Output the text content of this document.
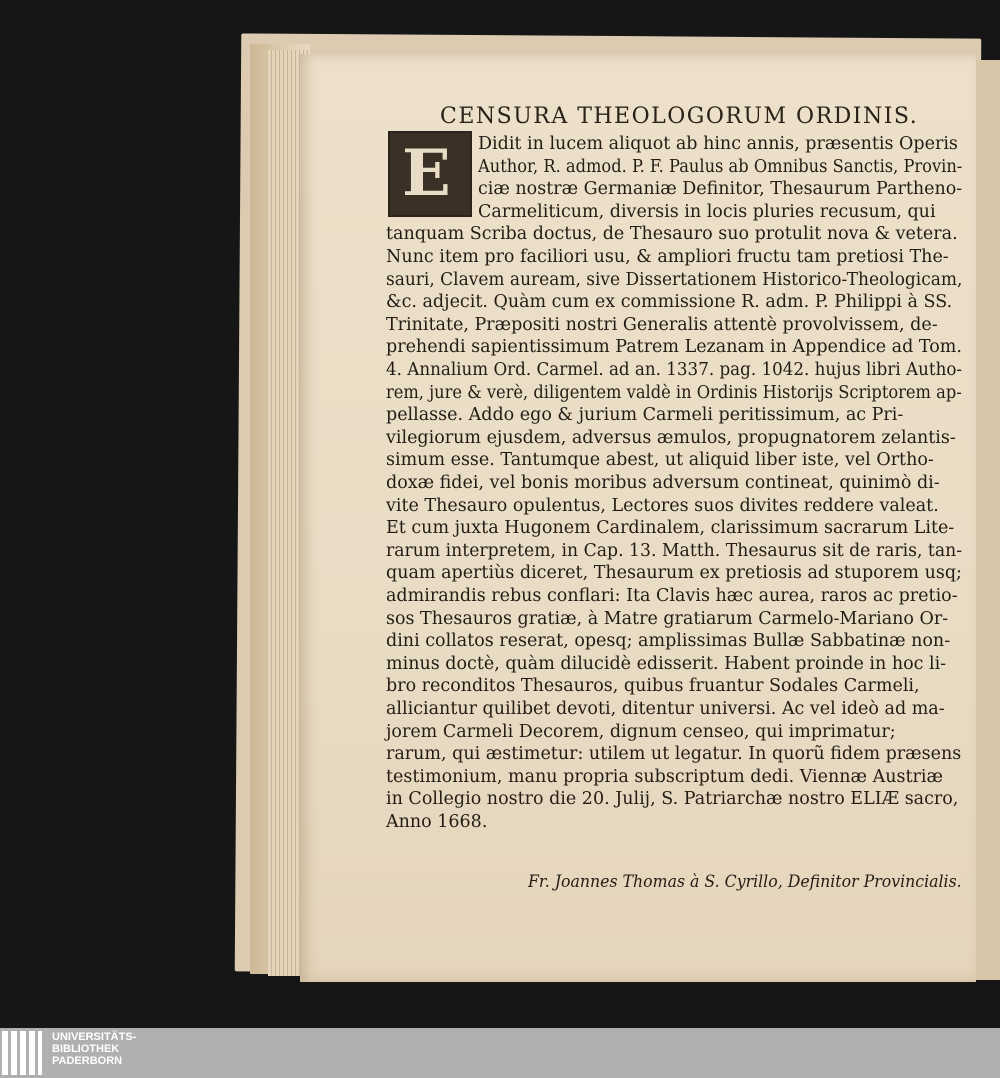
CENSURA THEOLOGORUM ORDINIS.
E Didit in lucem aliquot ab hinc annis, præsentis Operis
Author, R. admod. P. F. Paulus ab Omnibus Sanctis, Provin-
ciæ nostræ Germaniæ Definitor, Thesaurum Partheno-
Carmeliticum, diversis in locis pluries recusum, qui
tanquam Scriba doctus, de Thesauro suo protulit nova & vetera.
Nunc item pro faciliori usu, & ampliori fructu tam pretiosi The-
sauri, Clavem auream, sive Dissertationem Historico-Theologicam,
&c. adjecit. Quàm cum ex commissione R. adm. P. Philippi à SS.
Trinitate, Præpositi nostri Generalis attentè provolvissem, de-
prehendi sapientissimum Patrem Lezanam in Appendice ad Tom.
4. Annalium Ord. Carmel. ad an. 1337. pag. 1042. hujus libri Autho-
rem, jure & verè, diligentem valdè in Ordinis Historijs Scriptorem ap-
pellasse. Addo ego & jurium Carmeli peritissimum, ac Pri-
vilegiorum ejusdem, adversus æmulos, propugnatorem zelantis-
simum esse. Tantumque abest, ut aliquid liber iste, vel Ortho-
doxæ fidei, vel bonis moribus adversum contineat, quinimò di-
vite Thesauro opulentus, Lectores suos divites reddere valeat.
Et cum juxta Hugonem Cardinalem, clarissimum sacrarum Lite-
rarum interpretem, in Cap. 13. Matth. Thesaurus sit de raris, tan-
quam apertiùs diceret, Thesaurum ex pretiosis ad stuporem usq;
admirandis rebus conflari: Ita Clavis hæc aurea, raros ac pretio-
sos Thesauros gratiæ, à Matre gratiarum Carmelo-Mariano Or-
dini collatos reserat, opesq; amplissimas Bullæ Sabbatinæ non-
minus doctè, quàm dilucidè edisserit. Habent proinde in hoc li-
bro reconditos Thesauros, quibus fruantur Sodales Carmeli,
alliciantur quilibet devoti, ditentur universi. Ac vel ideò ad ma-
jorem Carmeli Decorem, dignum censeo, qui imprimatur;
rarum, qui æstimetur: utilem ut legatur. In quorũ fidem præsens
testimonium, manu propria subscriptum dedi. Viennæ Austriæ
in Collegio nostro die 20. Julij, S. Patriarchæ nostro ELIÆ sacro,
Anno 1668.
Fr. Joannes Thomas à S. Cyrillo, Definitor Provincialis.
UNIVERSITÄTS-
BIBLIOTHEK
PADERBORN
